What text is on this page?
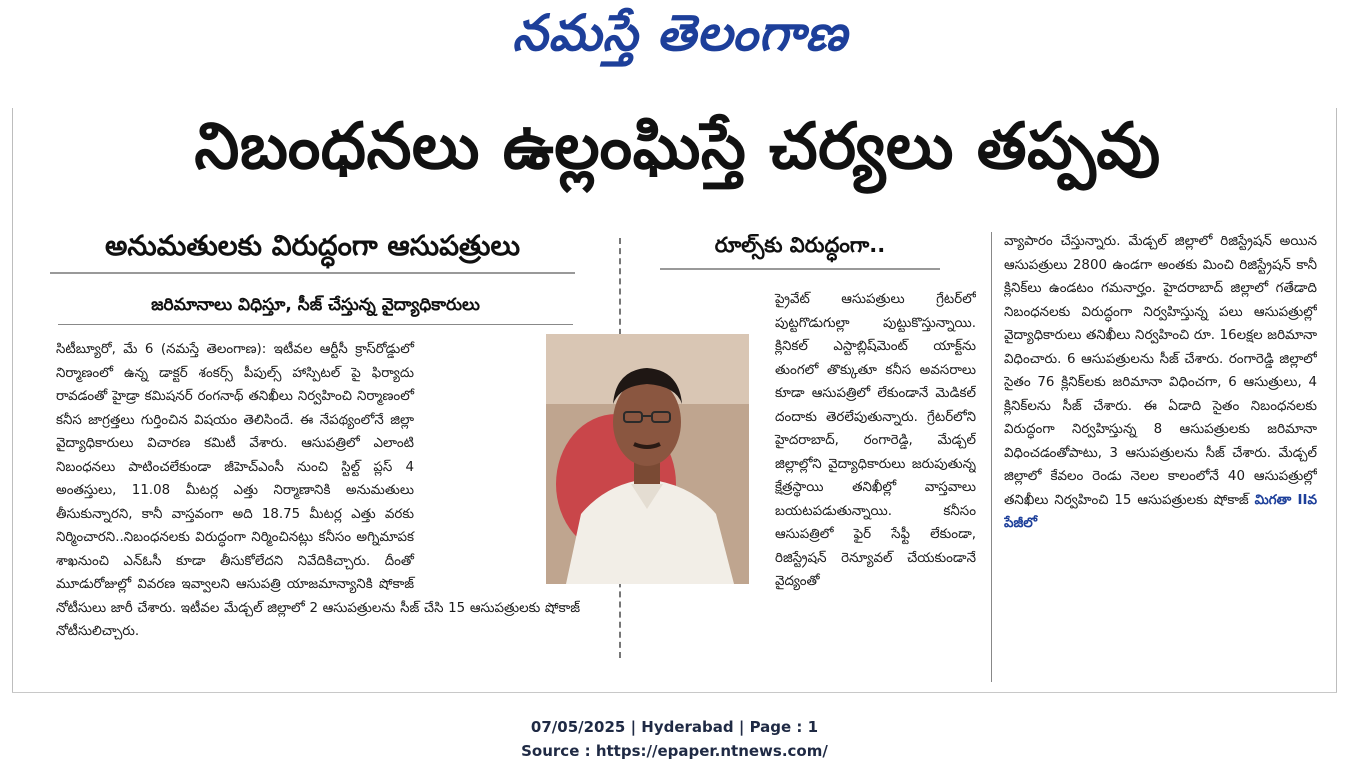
నమస్తే తెలంగాణ
నిబంధనలు ఉల్లంఘిస్తే చర్యలు తప్పవు
అనుమతులకు విరుద్ధంగా ఆసుపత్రులు
జరిమానాలు విధిస్తూ, సీజ్ చేస్తున్న వైద్యాధికారులు
రూల్స్‌కు విరుద్ధంగా..
సిటీబ్యూరో, మే 6 (నమస్తే తెలంగాణ): ఇటీవల ఆర్టీసీ క్రాస్‌రోడ్డులో నిర్మాణంలో ఉన్న డాక్టర్ శంకర్స్ పీపుల్స్ హాస్పిటల్ పై ఫిర్యాదు రావడంతో హైడ్రా కమిషనర్ రంగనాథ్ తనిఖీలు నిర్వహించి నిర్మాణంలో కనీస జాగ్రత్తలు గుర్తించిన విషయం తెలిసిందే. ఈ నేపథ్యంలోనే జిల్లా వైద్యాధికారులు విచారణ కమిటీ వేశారు. ఆసుపత్రిలో ఎలాంటి నిబంధనలు పాటించలేకుండా జీహెచ్ఎంసీ నుంచి స్టిల్ట్ ప్లస్ 4 అంతస్తులు, 11.08 మీటర్ల ఎత్తు నిర్మాణానికి అనుమతులు తీసుకున్నారని, కానీ వాస్తవంగా అది 18.75 మీటర్ల ఎత్తు వరకు నిర్మించారని..నిబంధనలకు విరుద్ధంగా నిర్మించినట్లు కనీసం అగ్నిమాపక శాఖనుంచి ఎన్‌ఓసీ కూడా తీసుకోలేదని నివేదికిచ్చారు. దీంతో మూడురోజుల్లో వివరణ ఇవ్వాలని ఆసుపత్రి యాజమాన్యానికి షోకాజ్ నోటీసులు జారీ చేశారు. ఇటీవల మేడ్చల్ జిల్లాలో 2 ఆసుపత్రులను సీజ్ చేసి 15 ఆసుపత్రులకు షోకాజ్ నోటీసులిచ్చారు.
ప్రైవేట్ ఆసుపత్రులు గ్రేటర్‌లో పుట్టగొడుగుల్లా పుట్టుకొస్తున్నాయి. క్లినికల్ ఎస్టాబ్లిష్‌మెంట్ యాక్ట్‌ను తుంగలో తొక్కుతూ కనీస అవసరాలు కూడా ఆసుపత్రిలో లేకుండానే మెడికల్ దందాకు తెరలేపుతున్నారు. గ్రేటర్‌లోని హైదరాబాద్, రంగారెడ్డి, మేడ్చల్ జిల్లాల్లోని వైద్యాధికారులు జరుపుతున్న క్షేత్రస్థాయి తనిఖీల్లో వాస్తవాలు బయటపడుతున్నాయి. కనీసం ఆసుపత్రిలో ఫైర్ సేఫ్టీ లేకుండా, రిజిస్ట్రేషన్ రెన్యూవల్ చేయకుండానే వైద్యంతో
వ్యాపారం చేస్తున్నారు. మేడ్చల్ జిల్లాలో రిజిస్ట్రేషన్ అయిన ఆసుపత్రులు 2800 ఉండగా అంతకు మించి రిజిస్ట్రేషన్ కానీ క్లినిక్‌లు ఉండటం గమనార్హం. హైదరాబాద్ జిల్లాలో గతేడాది నిబంధనలకు విరుద్ధంగా నిర్వహిస్తున్న పలు ఆసుపత్రుల్లో వైద్యాధికారులు తనిఖీలు నిర్వహించి రూ. 16లక్షల జరిమానా విధించారు. 6 ఆసుపత్రులను సీజ్ చేశారు. రంగారెడ్డి జిల్లాలో సైతం 76 క్లినిక్‌లకు జరిమానా విధించగా, 6 ఆసుత్రులు, 4 క్లినిక్‌లను సీజ్ చేశారు. ఈ ఏడాది సైతం నిబంధనలకు విరుద్ధంగా నిర్వహిస్తున్న 8 ఆసుపత్రులకు జరిమానా విధించడంతోపాటు, 3 ఆసుపత్రులను సీజ్ చేశారు. మేడ్చల్ జిల్లాలో కేవలం రెండు నెలల కాలంలోనే 40 ఆసుపత్రుల్లో తనిఖీలు నిర్వహించి 15 ఆసుపత్రులకు షోకాజ్ మిగతా IIవ పేజీలో
07/05/2025 | Hyderabad | Page : 1
Source : https://epaper.ntnews.com/
